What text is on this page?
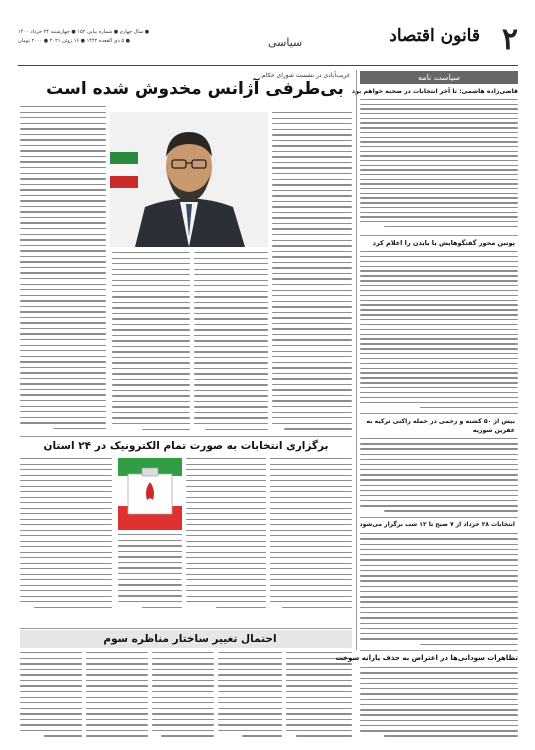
۲
قانون اقتصاد
سیاسی
● سال چهارم ● شماره پیاپی ۱۵۲ ● چهارشنبه ۲۴ خرداد ۱۴۰۰
● ۵ ذی القعده ۱۴۴۲ ● ۱۶ ژوئن ۲۰۲۱ ● ۲۰۰۰ تومان
سیاست نامه
قاضی‌زاده هاشمی: تا آخر انتخابات در صحنه خواهم بود
پوتین محور گفتگوهایش با بایدن را اعلام کرد
بیش از ۵۰ کشته و زخمی در حمله راکتی ترکیه به عفرین سوریه
انتخابات ۲۸ خرداد از ۷ صبح تا ۱۲ شب برگزار می‌شود
غریب‌آبادی در نشست شورای حکام:
بی‌طرفی آژانس مخدوش شده است
برگزاری انتخابات به صورت تمام الکترونیک در ۲۴ استان
احتمال تغییر ساختار مناظره سوم
تظاهرات سودانی‌ها در اعتراض به حذف یارانه سوخت
